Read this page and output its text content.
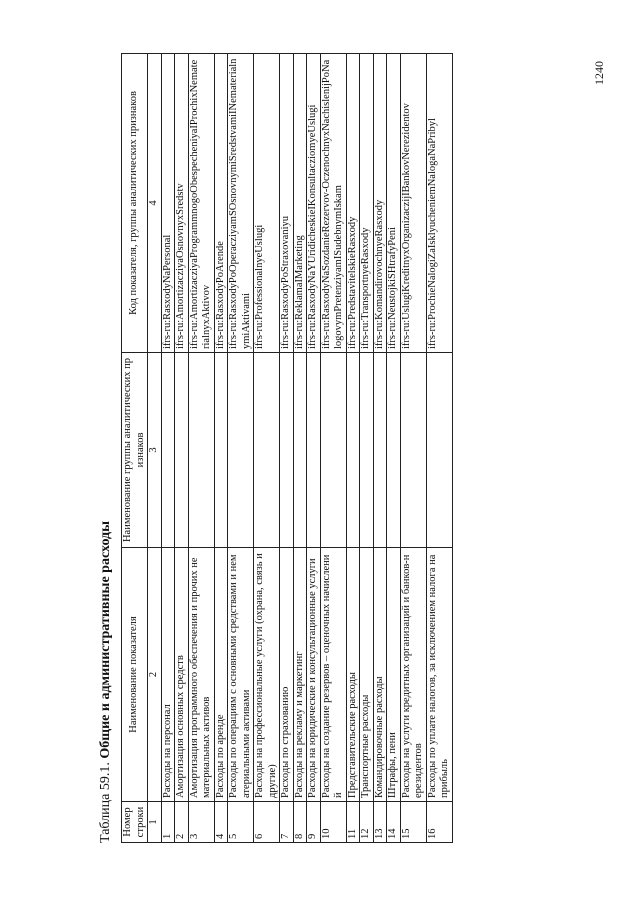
1240
Таблица 59.1. Общие и административные расходы
Номер строки	Наименование показателя	Наименование группы аналитических признаков	Код показателя, группы аналитических признаков
1	2	3	4
1	Расходы на персонал		ifrs-ru:RasxodyNaPersonal
2	Амортизация основных средств		ifrs-ru:AmortizacziyaOsnovnyxSredstv
3	Амортизация программного обеспечения и прочих нематериальных активов		ifrs-ru:AmortizacziyaProgrammnogoObespecheniyaIProchixNematerialnyxAktivov
4	Расходы по аренде		ifrs-ru:RasxodyPoArende
5	Расходы по операциям с основными средствами и нематериальными активами		ifrs-ru:RasxodyPoOperacziyamSOsnovnymiSredstvamiINematerialnymiAktivami
6	Расходы на профессиональные услуги (охрана, связь и другие)		ifrs-ru:ProfessionalnyeUslugi
7	Расходы по страхованию		ifrs-ru:RasxodyPoStraxovaniyu
8	Расходы на рекламу и маркетинг		ifrs-ru:ReklamaIMarketing
9	Расходы на юридические и консультационные услуги		ifrs-ru:RasxodyNaYUridicheskieIKonsultacziomyeUslugi
10	Расходы на создание резервов – оценочных начислений		ifrs-ru:RasxodyNaSozdanieRezervov-OczenochnyxNachislenijPoNalogovymPretenziyamISudebnymIskam
11	Представительские расходы		ifrs-ru:PredstavitelskieRasxody
12	Транспортные расходы		ifrs-ru:TransportnyeRasxody
13	Командировочные расходы		ifrs-ru:KomandirovochnyeRasxody
14	Штрафы, пени		ifrs-ru:NeustojkiSHtrafyPeni
15	Расходы на услуги кредитных организаций и банков-нерезидентов		ifrs-ru:UslugiKreditnyxOrganizaczijIBankovNerezidentov
16	Расходы по уплате налогов, за исключением налога на прибыль		ifrs-ru:ProchieNalogiZaIsklyucheniemNalogaNaPribyl
